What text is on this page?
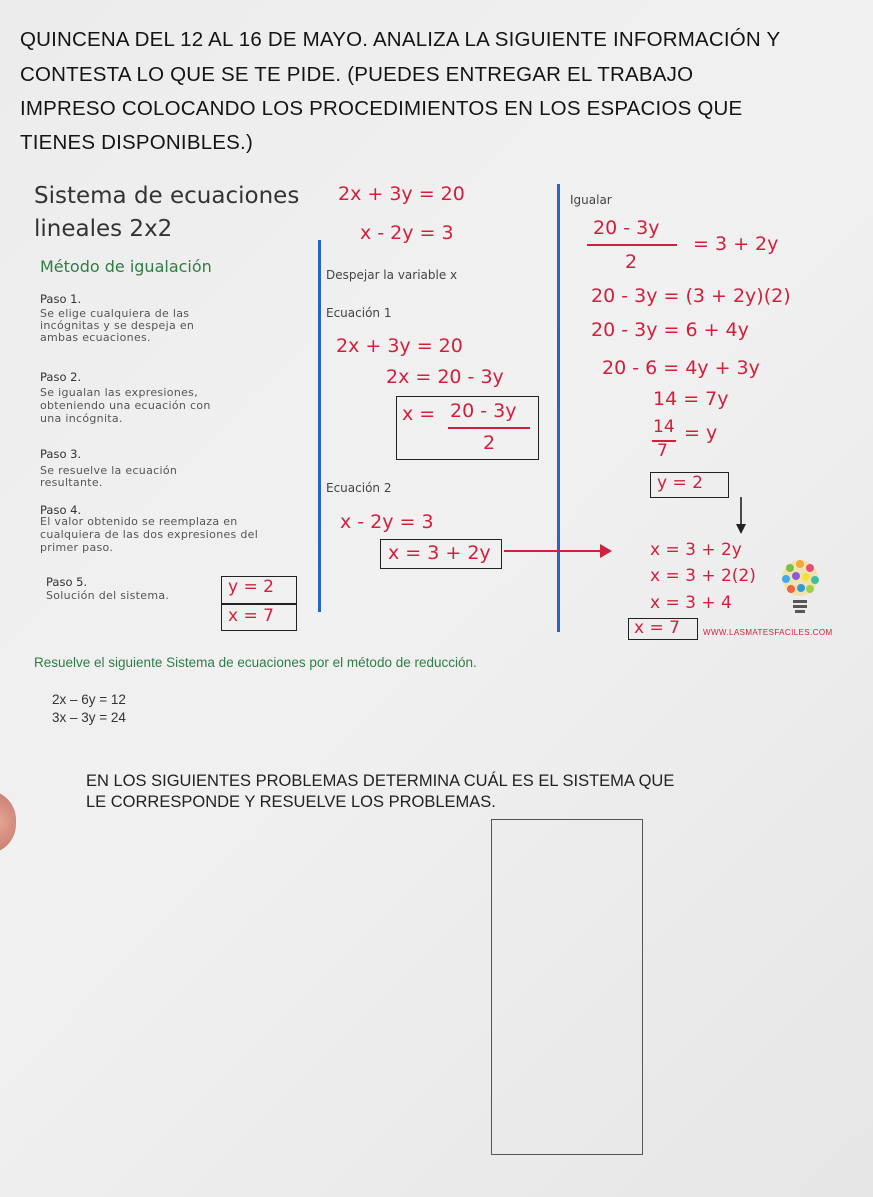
QUINCENA DEL 12 AL 16 DE MAYO. ANALIZA LA SIGUIENTE INFORMACIÓN Y
CONTESTA LO QUE SE TE PIDE. (PUEDES ENTREGAR EL TRABAJO
IMPRESO COLOCANDO LOS PROCEDIMIENTOS EN LOS ESPACIOS QUE
TIENES DISPONIBLES.)
Sistema de ecuaciones
lineales 2x2
2x + 3y = 20
x - 2y = 3
Método de igualación
Paso 1.
Se elige cualquiera de las
incógnitas y se despeja en
ambas ecuaciones.
Paso 2.
Se igualan las expresiones,
obteniendo una ecuación con
una incógnita.
Paso 3.
Se resuelve la ecuación
resultante.
Paso 4.
El valor obtenido se reemplaza en
cualquiera de las dos expresiones del
primer paso.
Paso 5.
Solución del sistema.	y = 2
x = 7
Despejar la variable x
Ecuación 1
2x + 3y = 20
2x = 20 - 3y
x = 20 - 3y
2
Ecuación 2
x - 2y = 3
x = 3 + 2y
Igualar
20 - 3y
2
= 3 + 2y
20 - 3y = (3 + 2y)(2)
20 - 3y = 6 + 4y
20 - 6 = 4y + 3y
14 = 7y
14
7
= y
y = 2
x = 3 + 2y
x = 3 + 2(2)
x = 3 + 4
x = 7	WWW.LASMATESFACILES.COM
Resuelve el siguiente Sistema de ecuaciones por el método de reducción.
2x – 6y = 12
3x – 3y = 24
EN LOS SIGUIENTES PROBLEMAS DETERMINA CUÁL ES EL SISTEMA QUE
LE CORRESPONDE Y RESUELVE LOS PROBLEMAS.
